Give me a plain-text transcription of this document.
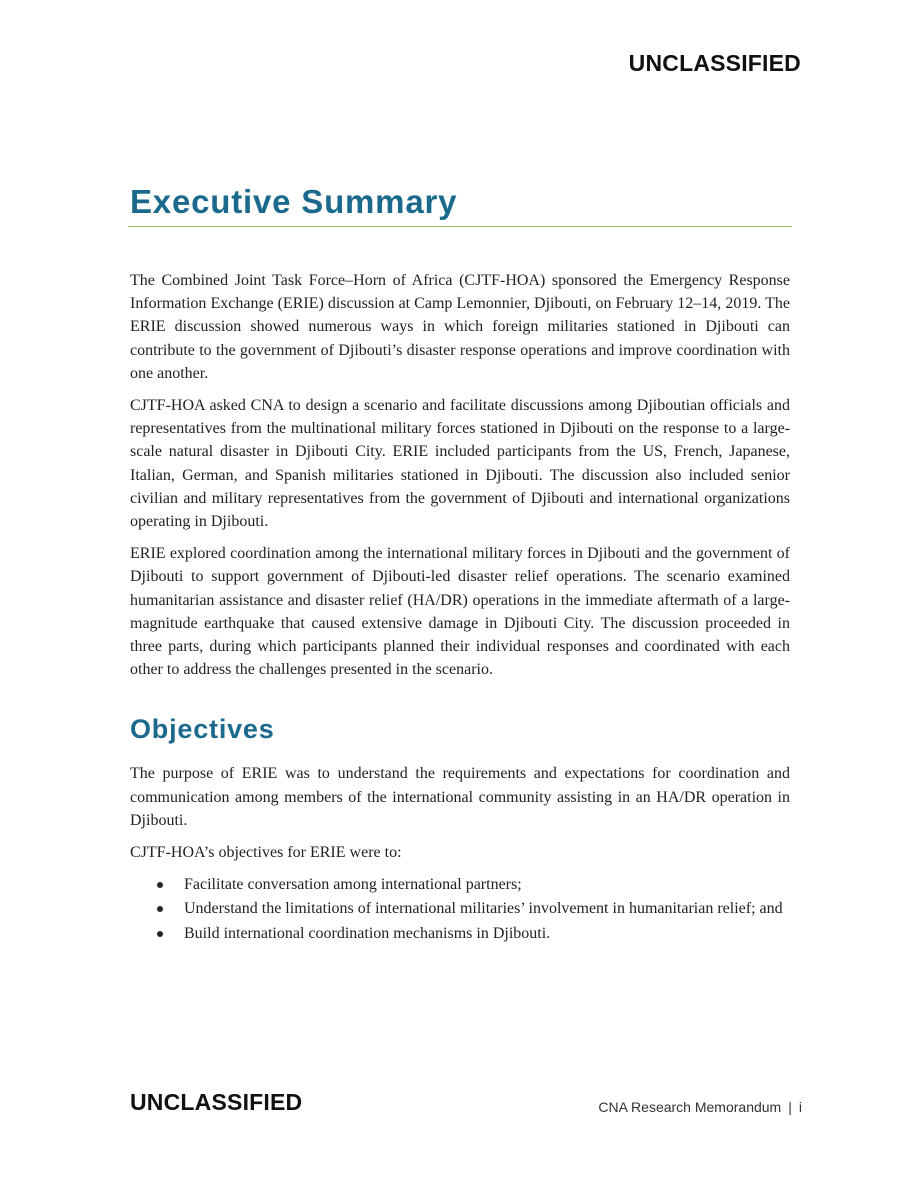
UNCLASSIFIED
Executive Summary

The Combined Joint Task Force–Horn of Africa (CJTF-HOA) sponsored the Emergency Response Information Exchange (ERIE) discussion at Camp Lemonnier, Djibouti, on February 12–14, 2019. The ERIE discussion showed numerous ways in which foreign militaries stationed in Djibouti can contribute to the government of Djibouti’s disaster response operations and improve coordination with one another.

CJTF-HOA asked CNA to design a scenario and facilitate discussions among Djiboutian officials and representatives from the multinational military forces stationed in Djibouti on the response to a large-scale natural disaster in Djibouti City. ERIE included participants from the US, French, Japanese, Italian, German, and Spanish militaries stationed in Djibouti. The discussion also included senior civilian and military representatives from the government of Djibouti and international organizations operating in Djibouti.

ERIE explored coordination among the international military forces in Djibouti and the government of Djibouti to support government of Djibouti-led disaster relief operations. The scenario examined humanitarian assistance and disaster relief (HA/DR) operations in the immediate aftermath of a large-magnitude earthquake that caused extensive damage in Djibouti City. The discussion proceeded in three parts, during which participants planned their individual responses and coordinated with each other to address the challenges presented in the scenario.

Objectives

The purpose of ERIE was to understand the requirements and expectations for coordination and communication among members of the international community assisting in an HA/DR operation in Djibouti.

CJTF-HOA’s objectives for ERIE were to:

Facilitate conversation among international partners;
Understand the limitations of international militaries’ involvement in humanitarian relief; and
Build international coordination mechanisms in Djibouti.
UNCLASSIFIED	CNA Research Memorandum | i
